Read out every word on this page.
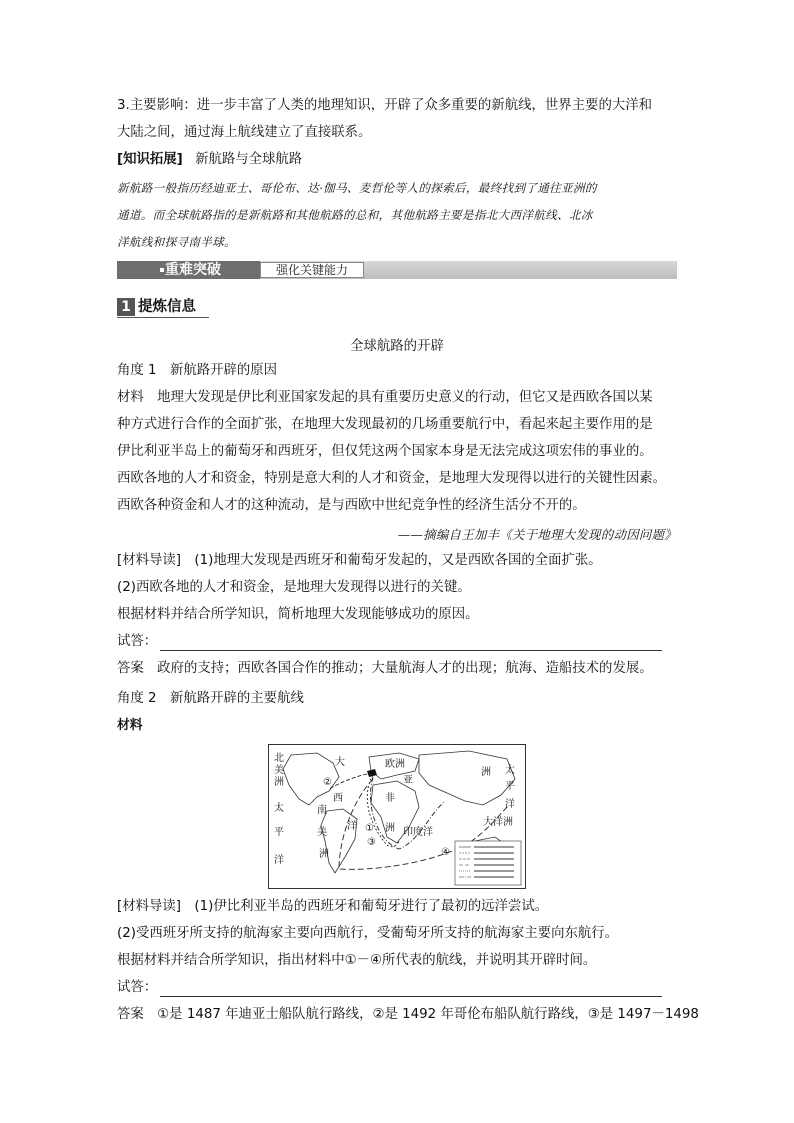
3.主要影响：进一步丰富了人类的地理知识，开辟了众多重要的新航线，世界主要的大洋和
大陆之间，通过海上航线建立了直接联系。
[知识拓展] 新航路与全球航路
新航路一般指历经迪亚士、哥伦布、达·伽马、麦哲伦等人的探索后，最终找到了通往亚洲的
通道。而全球航路指的是新航路和其他航路的总和，其他航路主要是指北大西洋航线、北冰
洋航线和探寻南半球。
重难突破	强化关键能力
1 提炼信息
全球航路的开辟
角度 1　新航路开辟的原因
材料　地理大发现是伊比利亚国家发起的具有重要历史意义的行动，但它又是西欧各国以某
种方式进行合作的全面扩张，在地理大发现最初的几场重要航行中，看起来起主要作用的是
伊比利亚半岛上的葡萄牙和西班牙，但仅凭这两个国家本身是无法完成这项宏伟的事业的。
西欧各地的人才和资金，特别是意大利的人才和资金，是地理大发现得以进行的关键性因素。
西欧各种资金和人才的这种流动，是与西欧中世纪竞争性的经济生活分不开的。
——摘编自王加丰《关于地理大发现的动因问题》
[材料导读]　(1)地理大发现是西班牙和葡萄牙发起的，又是西欧各国的全面扩张。
(2)西欧各地的人才和资金，是地理大发现得以进行的关键。
根据材料并结合所学知识，简析地理大发现能够成功的原因。
试答：
答案　政府的支持；西欧各国合作的推动；大量航海人才的出现；航海、造船技术的发展。
角度 2　新航路开辟的主要航线
材料
北
美
洲
大
西
洋
欧洲
亚
非
洲
南
美
洲
太
平
洋
太
平
洋
洲
印度洋
大洋洲
②
①
③
④
[材料导读]　(1)伊比利亚半岛的西班牙和葡萄牙进行了最初的远洋尝试。
(2)受西班牙所支持的航海家主要向西航行，受葡萄牙所支持的航海家主要向东航行。
根据材料并结合所学知识，指出材料中①－④所代表的航线，并说明其开辟时间。
试答：
答案　①是 1487 年迪亚士船队航行路线，②是 1492 年哥伦布船队航行路线，③是 1497－1498
